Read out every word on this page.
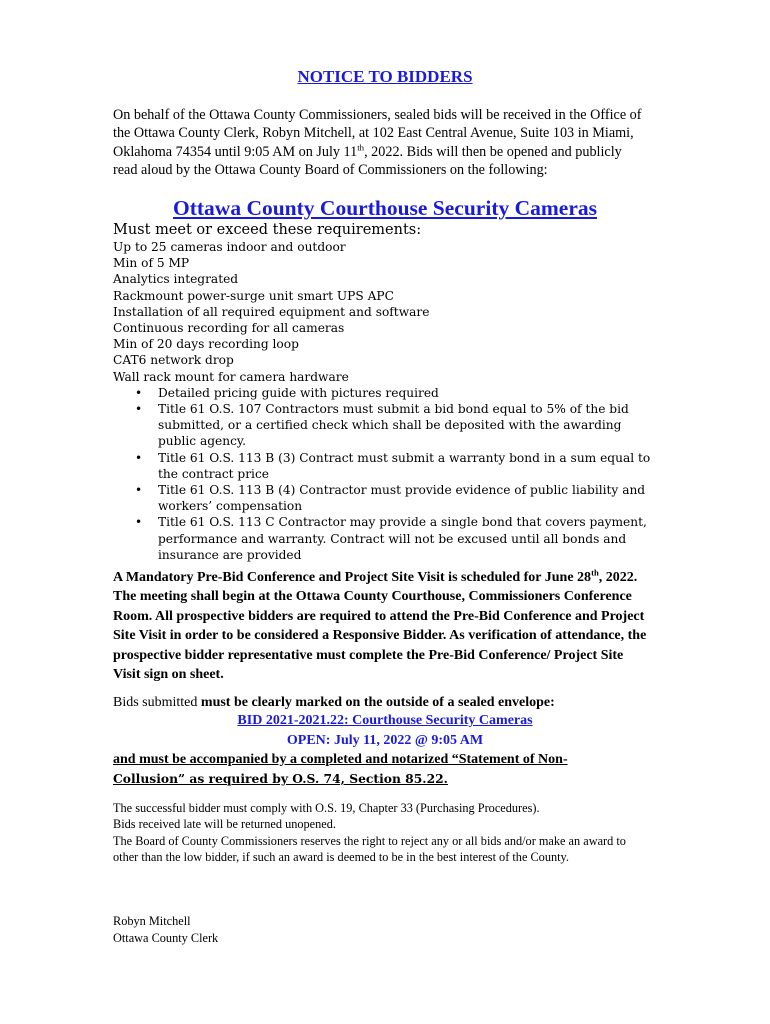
NOTICE TO BIDDERS
On behalf of the Ottawa County Commissioners, sealed bids will be received in the Office of the Ottawa County Clerk, Robyn Mitchell, at 102 East Central Avenue, Suite 103 in Miami, Oklahoma 74354 until 9:05 AM on July 11th, 2022. Bids will then be opened and publicly read aloud by the Ottawa County Board of Commissioners on the following:
Ottawa County Courthouse Security Cameras
Must meet or exceed these requirements:
Up to 25 cameras indoor and outdoor
Min of 5 MP
Analytics integrated
Rackmount power-surge unit smart UPS APC
Installation of all required equipment and software
Continuous recording for all cameras
Min of 20 days recording loop
CAT6 network drop
Wall rack mount for camera hardware
• Detailed pricing guide with pictures required
• Title 61 O.S. 107 Contractors must submit a bid bond equal to 5% of the bid submitted, or a certified check which shall be deposited with the awarding public agency.
• Title 61 O.S. 113 B (3) Contract must submit a warranty bond in a sum equal to the contract price
• Title 61 O.S. 113 B (4) Contractor must provide evidence of public liability and workers’ compensation
• Title 61 O.S. 113 C Contractor may provide a single bond that covers payment, performance and warranty. Contract will not be excused until all bonds and insurance are provided
A Mandatory Pre-Bid Conference and Project Site Visit is scheduled for June 28th, 2022. The meeting shall begin at the Ottawa County Courthouse, Commissioners Conference Room. All prospective bidders are required to attend the Pre-Bid Conference and Project Site Visit in order to be considered a Responsive Bidder. As verification of attendance, the prospective bidder representative must complete the Pre-Bid Conference/ Project Site Visit sign on sheet.
Bids submitted must be clearly marked on the outside of a sealed envelope:
BID 2021-2021.22: Courthouse Security Cameras
OPEN: July 11, 2022 @ 9:05 AM
and must be accompanied by a completed and notarized “Statement of Non-
Collusion” as required by O.S. 74, Section 85.22.

The successful bidder must comply with O.S. 19, Chapter 33 (Purchasing Procedures).

Bids received late will be returned unopened.

The Board of County Commissioners reserves the right to reject any or all bids and/or make an award to other than the low bidder, if such an award is deemed to be in the best interest of the County.

Robyn Mitchell
Ottawa County Clerk
